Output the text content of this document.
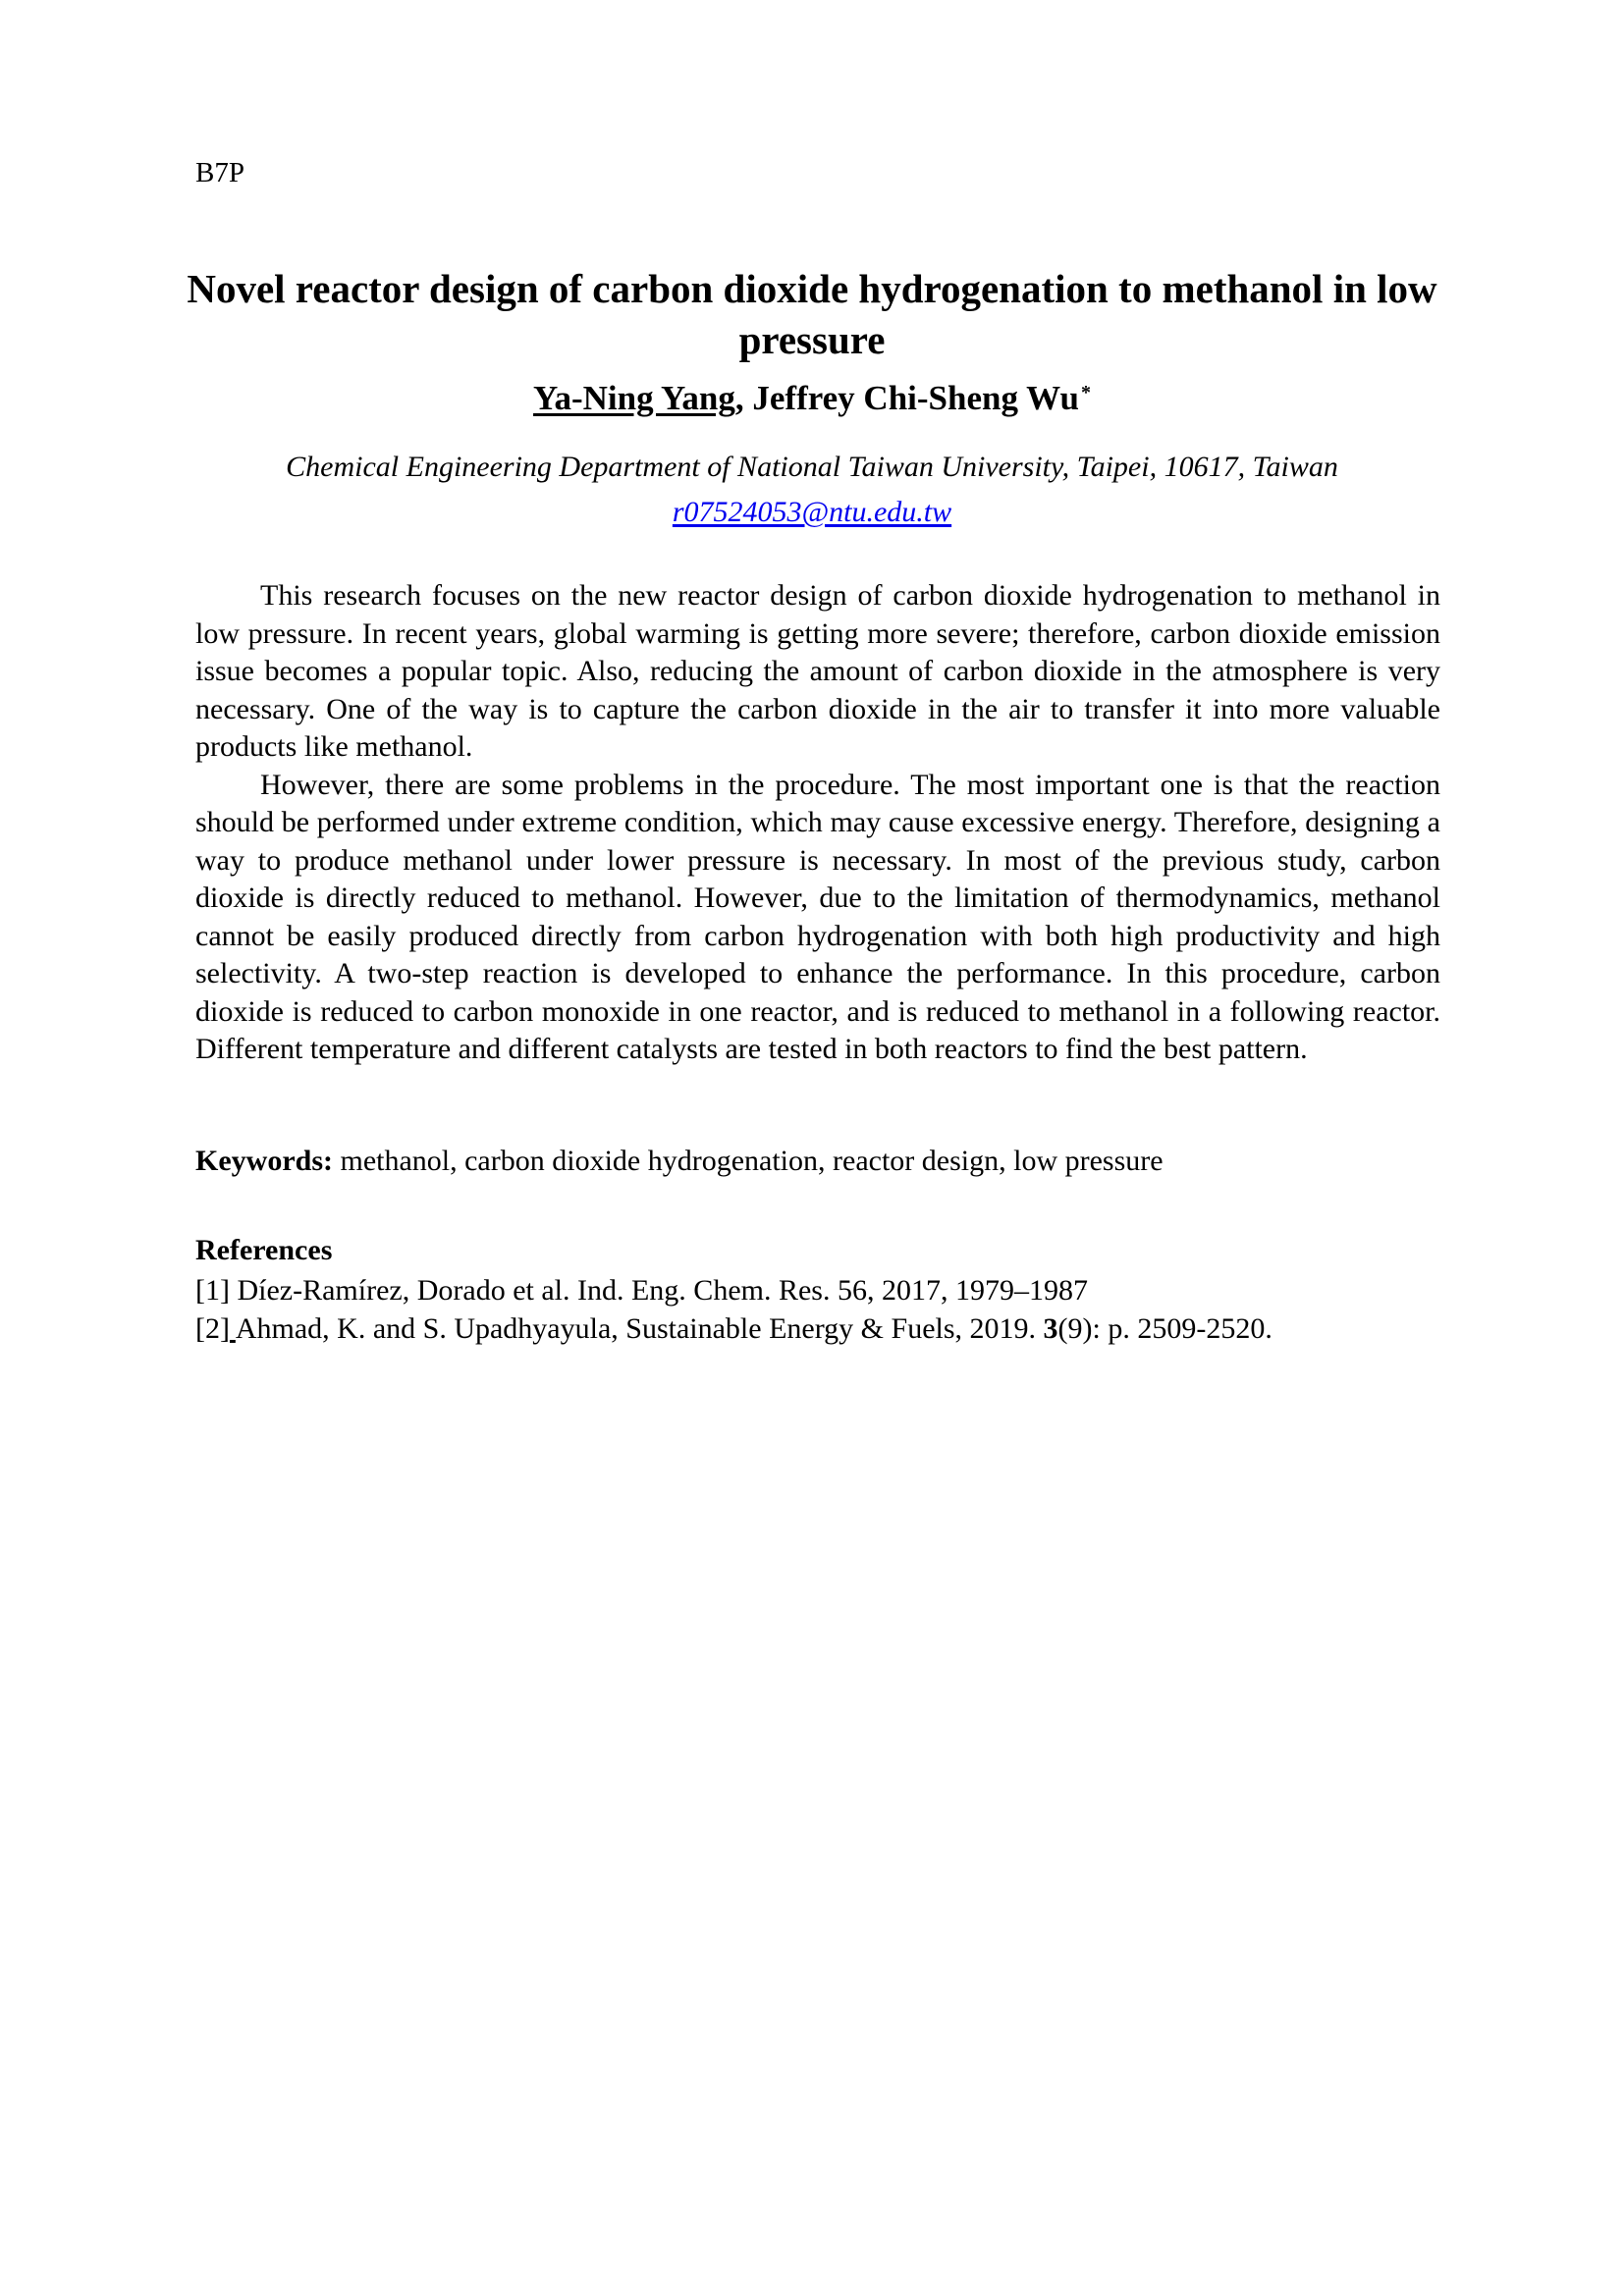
B7P
Novel reactor design of carbon dioxide hydrogenation to methanol in low pressure
Ya-Ning Yang, Jeffrey Chi-Sheng Wu *
Chemical Engineering Department of National Taiwan University, Taipei, 10617, Taiwan
r07524053@ntu.edu.tw

This research focuses on the new reactor design of carbon dioxide hydrogenation to methanol in low pressure. In recent years, global warming is getting more severe; therefore, carbon dioxide emission issue becomes a popular topic. Also, reducing the amount of carbon dioxide in the atmosphere is very necessary. One of the way is to capture the carbon dioxide in the air to transfer it into more valuable products like methanol.

However, there are some problems in the procedure. The most important one is that the reaction should be performed under extreme condition, which may cause excessive energy. Therefore, designing a way to produce methanol under lower pressure is necessary. In most of the previous study, carbon dioxide is directly reduced to methanol. However, due to the limitation of thermodynamics, methanol cannot be easily produced directly from carbon hydrogenation with both high productivity and high selectivity. A two-step reaction is developed to enhance the performance. In this procedure, carbon dioxide is reduced to carbon monoxide in one reactor, and is reduced to methanol in a following reactor. Different temperature and different catalysts are tested in both reactors to find the best pattern.

Keywords: methanol, carbon dioxide hydrogenation, reactor design, low pressure
References
[1] Díez-Ramírez, Dorado et al. Ind. Eng. Chem. Res. 56, 2017, 1979–1987
[2] Ahmad, K. and S. Upadhyayula, Sustainable Energy & Fuels, 2019. 3(9): p. 2509-2520.
